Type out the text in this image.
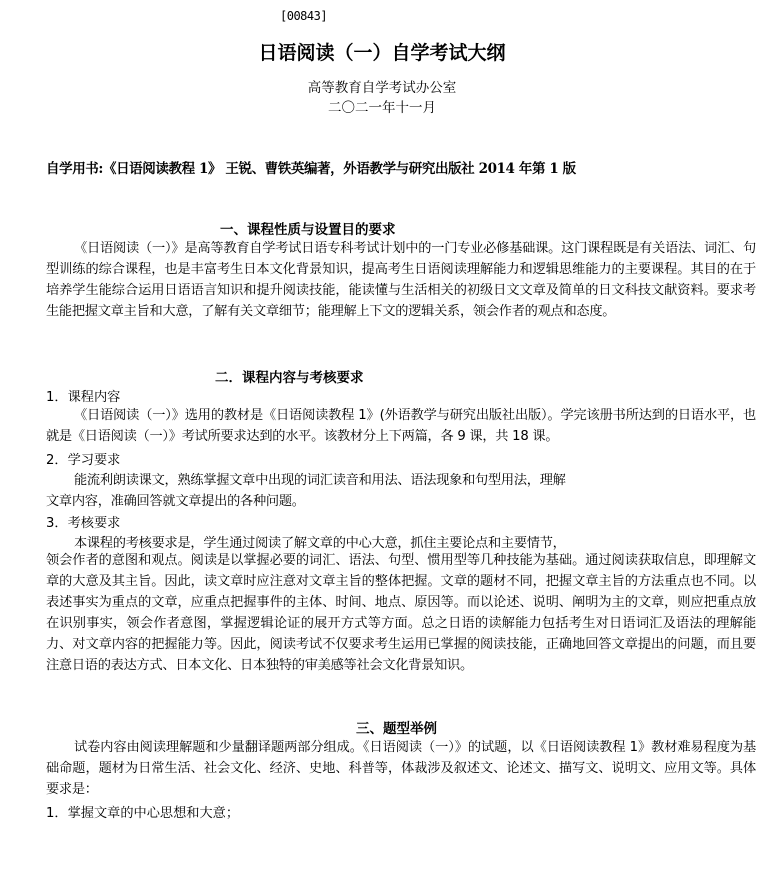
[00843]
日语阅读（一）自学考试大纲
高等教育自学考试办公室
二〇二一年十一月
自学用书:《日语阅读教程 1》 王锐、曹铁英编著，外语教学与研究出版社 2014 年第 1 版
一、课程性质与设置目的要求
《日语阅读（一）》是高等教育自学考试日语专科考试计划中的一门专业必修基础课。这门课程既是有关语法、词汇、句型训练的综合课程，也是丰富考生日本文化背景知识，提高考生日语阅读理解能力和逻辑思维能力的主要课程。其目的在于培养学生能综合运用日语语言知识和提升阅读技能，能读懂与生活相关的初级日文文章及简单的日文科技文献资料。要求考生能把握文章主旨和大意，了解有关文章细节；能理解上下文的逻辑关系，领会作者的观点和态度。
二．课程内容与考核要求
1．课程内容
《日语阅读（一）》选用的教材是《日语阅读教程 1》(外语教学与研究出版社出版）。学完该册书所达到的日语水平，也就是《日语阅读（一）》考试所要求达到的水平。该教材分上下两篇，各 9 课，共 18 课。
2．学习要求
能流利朗读课文，熟练掌握文章中出现的词汇读音和用法、语法现象和句型用法，理解
文章内容，准确回答就文章提出的各种问题。
3．考核要求
本课程的考核要求是，学生通过阅读了解文章的中心大意，抓住主要论点和主要情节，
领会作者的意图和观点。阅读是以掌握必要的词汇、语法、句型、惯用型等几种技能为基础。通过阅读获取信息，即理解文章的大意及其主旨。因此，读文章时应注意对文章主旨的整体把握。文章的题材不同，把握文章主旨的方法重点也不同。以表述事实为重点的文章，应重点把握事件的主体、时间、地点、原因等。而以论述、说明、阐明为主的文章，则应把重点放在识别事实，领会作者意图，掌握逻辑论证的展开方式等方面。总之日语的读解能力包括考生对日语词汇及语法的理解能力、对文章内容的把握能力等。因此，阅读考试不仅要求考生运用已掌握的阅读技能，正确地回答文章提出的问题，而且要注意日语的表达方式、日本文化、日本独特的审美感等社会文化背景知识。
三、题型举例
试卷内容由阅读理解题和少量翻译题两部分组成。《日语阅读（一）》的试题，以《日语阅读教程 1》教材难易程度为基础命题，题材为日常生活、社会文化、经济、史地、科普等，体裁涉及叙述文、论述文、描写文、说明文、应用文等。具体要求是：
1．掌握文章的中心思想和大意；
